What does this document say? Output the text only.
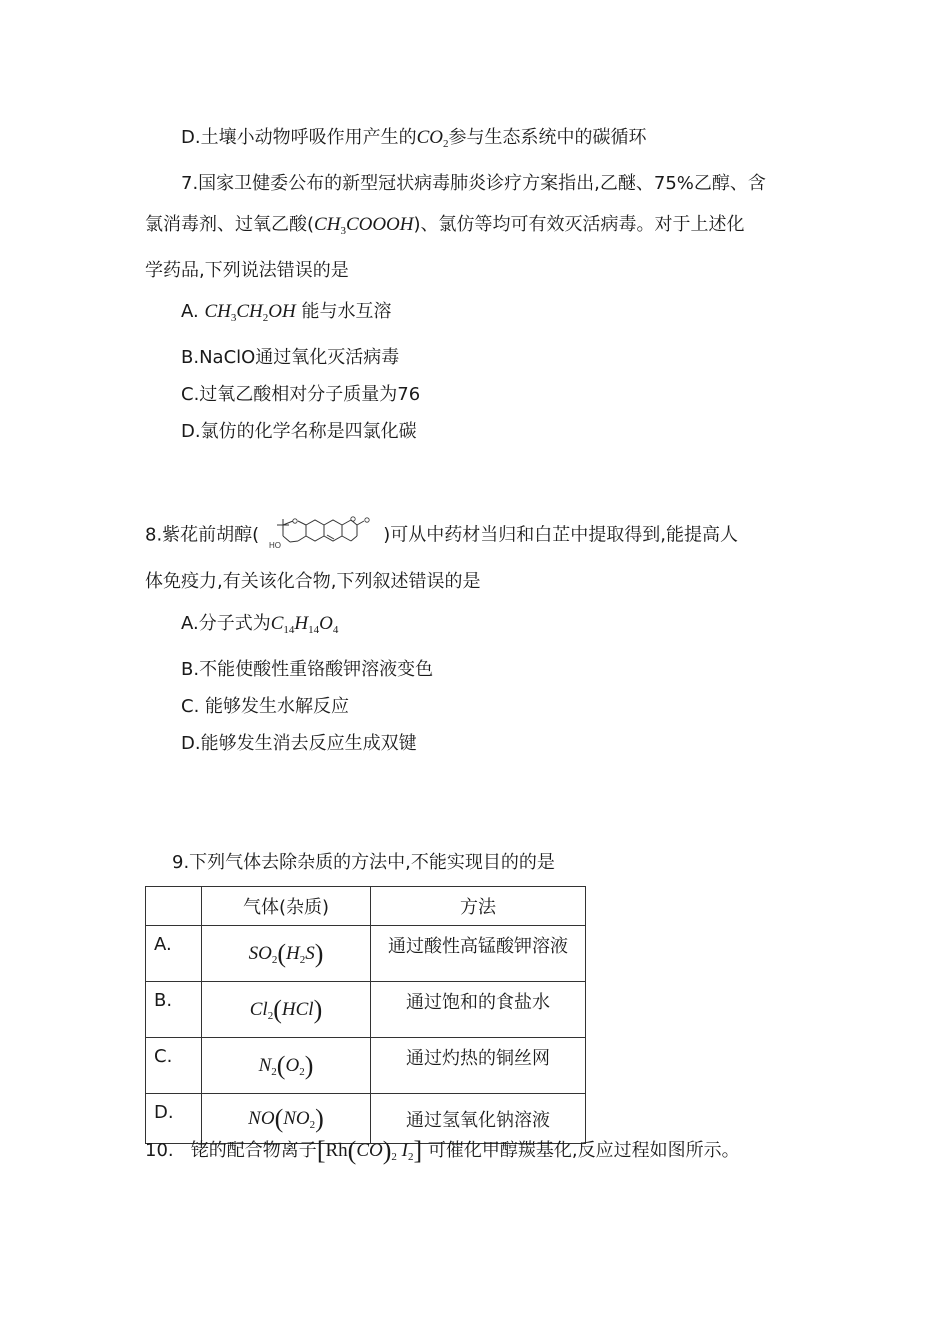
D.土壤小动物呼吸作用产生的$CO_2$参与生态系统中的碳循环
7.国家卫健委公布的新型冠状病毒肺炎诊疗方案指出,乙醚、75%乙醇、含
氯消毒剂、过氧乙酸$(CH_3COOOH)$、氯仿等均可有效灭活病毒。对于上述化
学药品,下列说法错误的是
A. $CH_3CH_2OH$ 能与水互溶
B.NaClO通过氧化灭活病毒
C.过氧乙酸相对分子质量为76
D.氯仿的化学名称是四氯化碳
8.紫花前胡醇( HO	)可从中药材当归和白芷中提取得到,能提高人
体免疫力,有关该化合物,下列叙述错误的是
A.分子式为$C_{14}H_{14}O_4$
B.不能使酸性重铬酸钾溶液变色
C. 能够发生水解反应
D.能够发生消去反应生成双键
9.下列气体去除杂质的方法中,不能实现目的的是
	气体(杂质)	方法
A.	$SO_2(H_2S)$	通过酸性高锰酸钾溶液
B.	$Cl_2(HCl)$	通过饱和的食盐水
C.	$N_2(O_2)$	通过灼热的铜丝网
D.	$NO(NO_2)$	通过氢氧化钠溶液
10. 铑的配合物离子[$Rh(CO)_2$ $I_2$] 可催化甲醇羰基化,反应过程如图所示。
